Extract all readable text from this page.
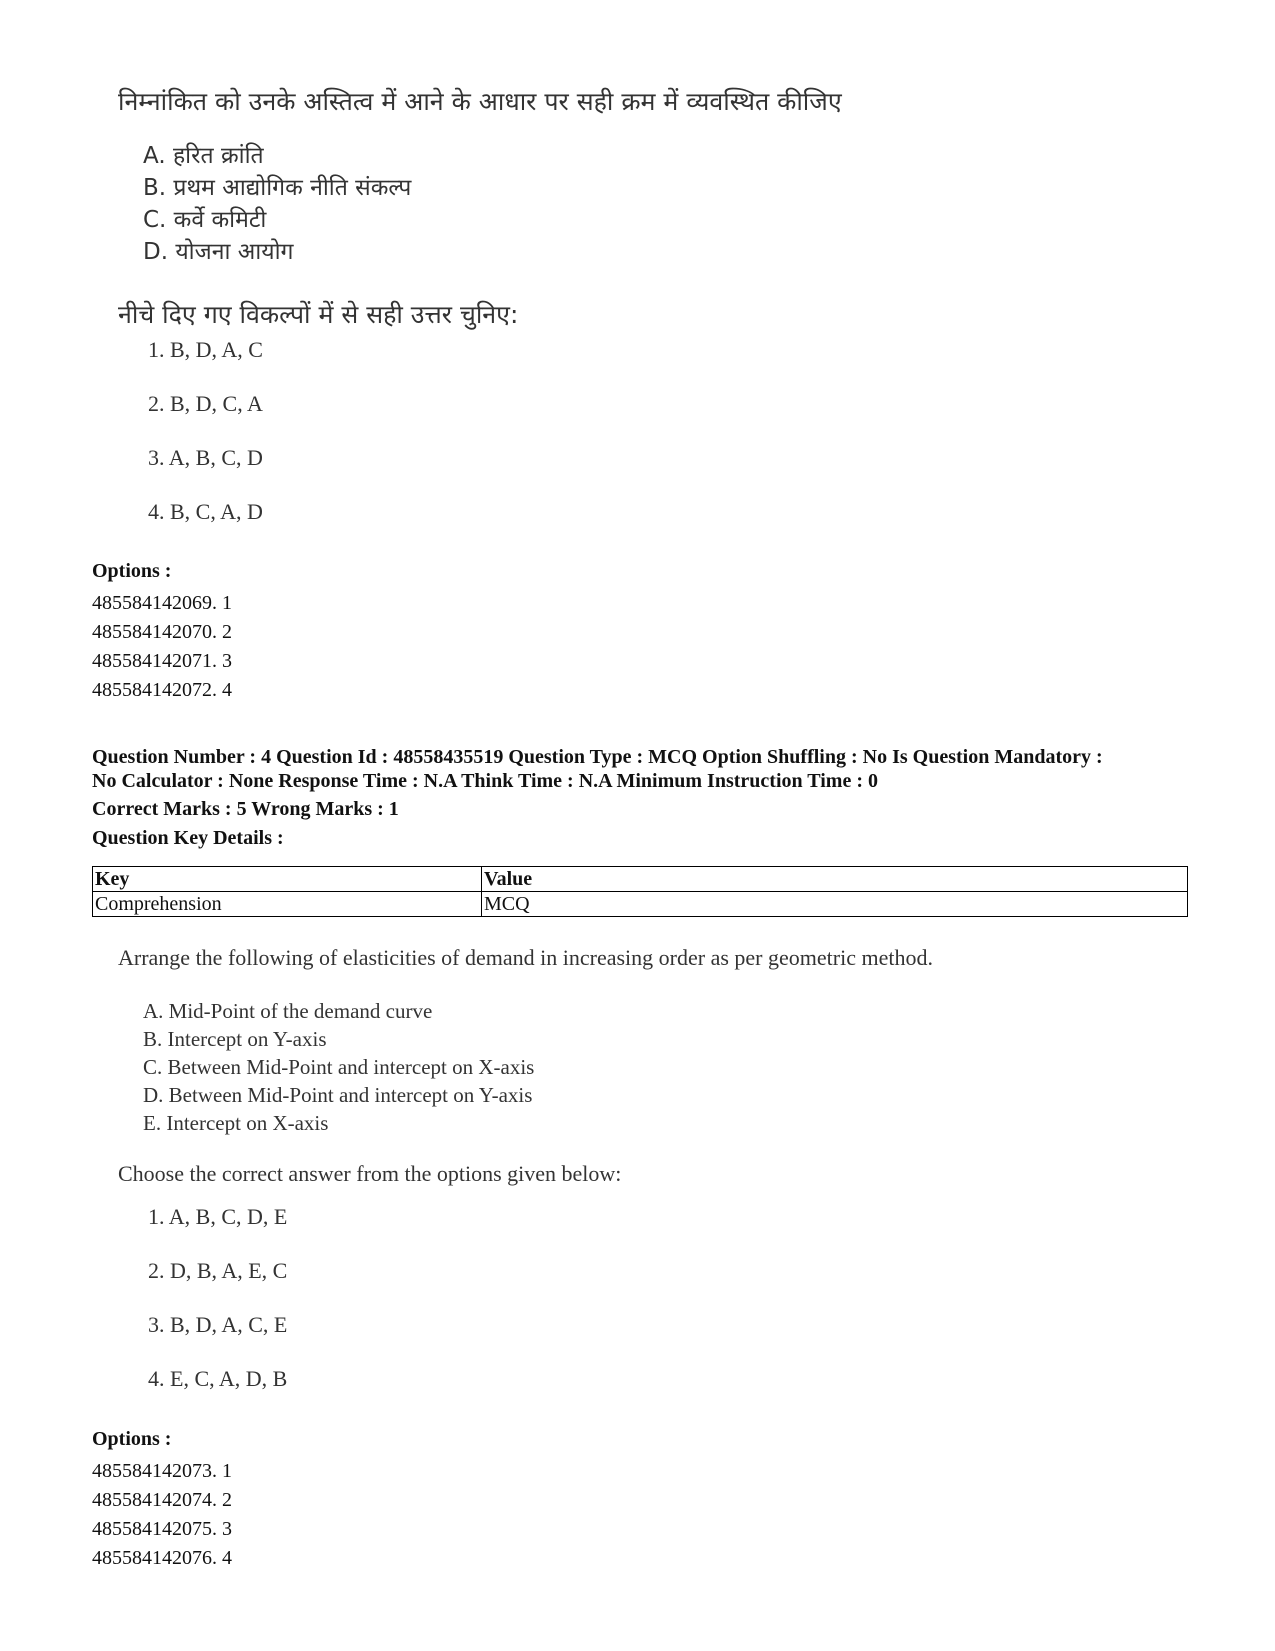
निम्नांकित को उनके अस्तित्व में आने के आधार पर सही क्रम में व्यवस्थित कीजिए
A. हरित क्रांति
B. प्रथम आद्योगिक नीति संकल्प
C. कर्वे कमिटी
D. योजना आयोग
नीचे दिए गए विकल्पों में से सही उत्तर चुनिए:
1. B, D, A, C
2. B, D, C, A
3. A, B, C, D
4. B, C, A, D
Options :
485584142069. 1
485584142070. 2
485584142071. 3
485584142072. 4
Question Number : 4 Question Id : 48558435519 Question Type : MCQ Option Shuffling : No Is Question Mandatory :
No Calculator : None Response Time : N.A Think Time : N.A Minimum Instruction Time : 0
Correct Marks : 5 Wrong Marks : 1
Question Key Details :
Key	Value
Comprehension	MCQ
Arrange the following of elasticities of demand in increasing order as per geometric method.
A. Mid-Point of the demand curve
B. Intercept on Y-axis
C. Between Mid-Point and intercept on X-axis
D. Between Mid-Point and intercept on Y-axis
E. Intercept on X-axis
Choose the correct answer from the options given below:
1. A, B, C, D, E
2. D, B, A, E, C
3. B, D, A, C, E
4. E, C, A, D, B
Options :
485584142073. 1
485584142074. 2
485584142075. 3
485584142076. 4
